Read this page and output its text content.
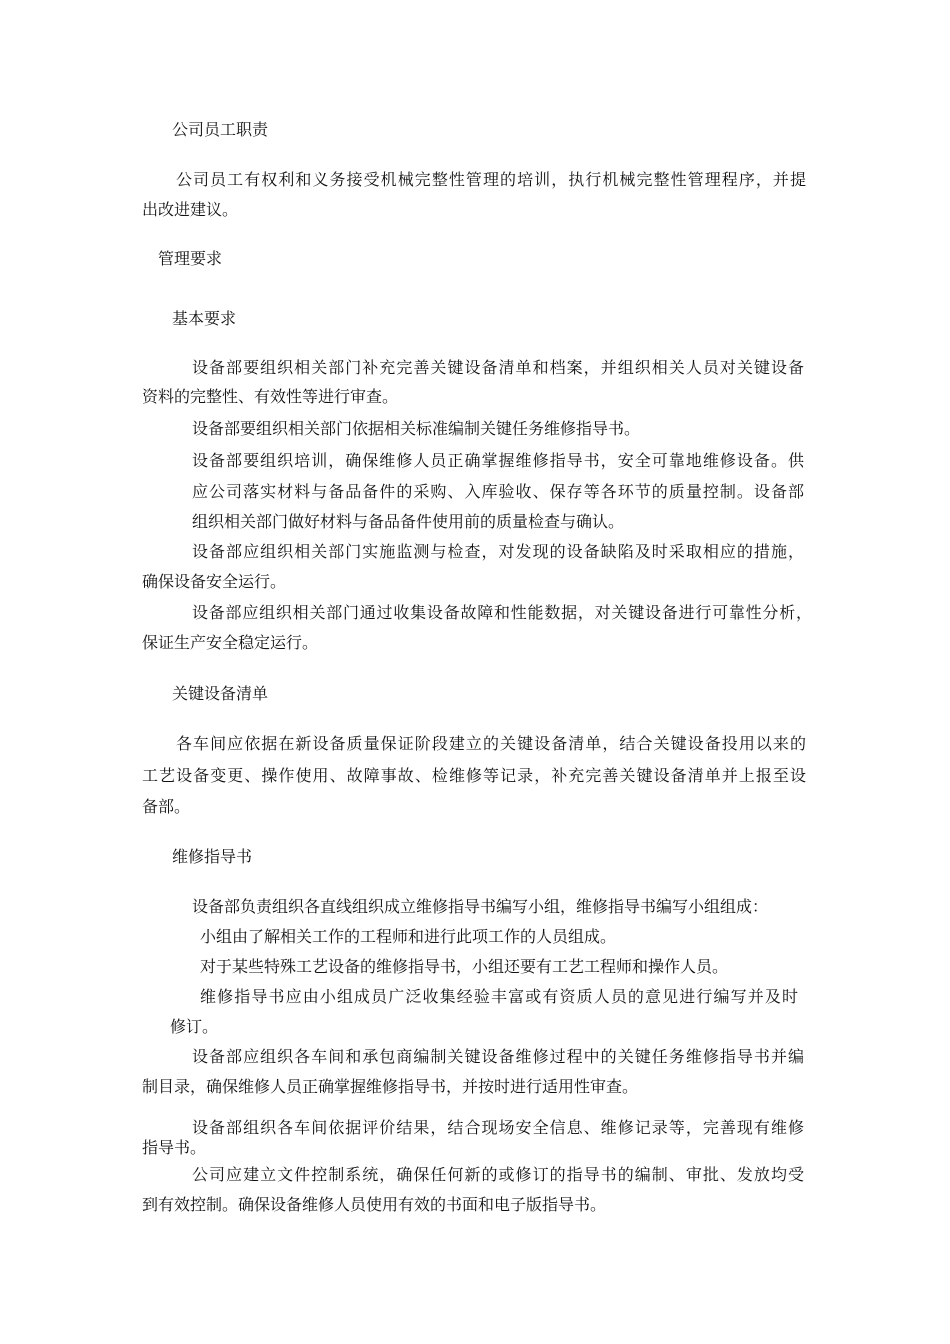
公司员工职责
公司员工有权利和义务接受机械完整性管理的培训，执行机械完整性管理程序，并提
出改进建议。
管理要求
基本要求
设备部要组织相关部门补充完善关键设备清单和档案，并组织相关人员对关键设备
资料的完整性、有效性等进行审查。
设备部要组织相关部门依据相关标准编制关键任务维修指导书。
设备部要组织培训，确保维修人员正确掌握维修指导书，安全可靠地维修设备。供
应公司落实材料与备品备件的采购、入库验收、保存等各环节的质量控制。设备部
组织相关部门做好材料与备品备件使用前的质量检查与确认。
设备部应组织相关部门实施监测与检查，对发现的设备缺陷及时采取相应的措施，
确保设备安全运行。
设备部应组织相关部门通过收集设备故障和性能数据，对关键设备进行可靠性分析，
保证生产安全稳定运行。
关键设备清单
各车间应依据在新设备质量保证阶段建立的关键设备清单，结合关键设备投用以来的
工艺设备变更、操作使用、故障事故、检维修等记录，补充完善关键设备清单并上报至设
备部。
维修指导书
设备部负责组织各直线组织成立维修指导书编写小组，维修指导书编写小组组成：
小组由了解相关工作的工程师和进行此项工作的人员组成。
对于某些特殊工艺设备的维修指导书，小组还要有工艺工程师和操作人员。
维修指导书应由小组成员广泛收集经验丰富或有资质人员的意见进行编写并及时
修订。
设备部应组织各车间和承包商编制关键设备维修过程中的关键任务维修指导书并编
制目录，确保维修人员正确掌握维修指导书，并按时进行适用性审查。
设备部组织各车间依据评价结果，结合现场安全信息、维修记录等，完善现有维修
指导书。
公司应建立文件控制系统，确保任何新的或修订的指导书的编制、审批、发放均受
到有效控制。确保设备维修人员使用有效的书面和电子版指导书。
